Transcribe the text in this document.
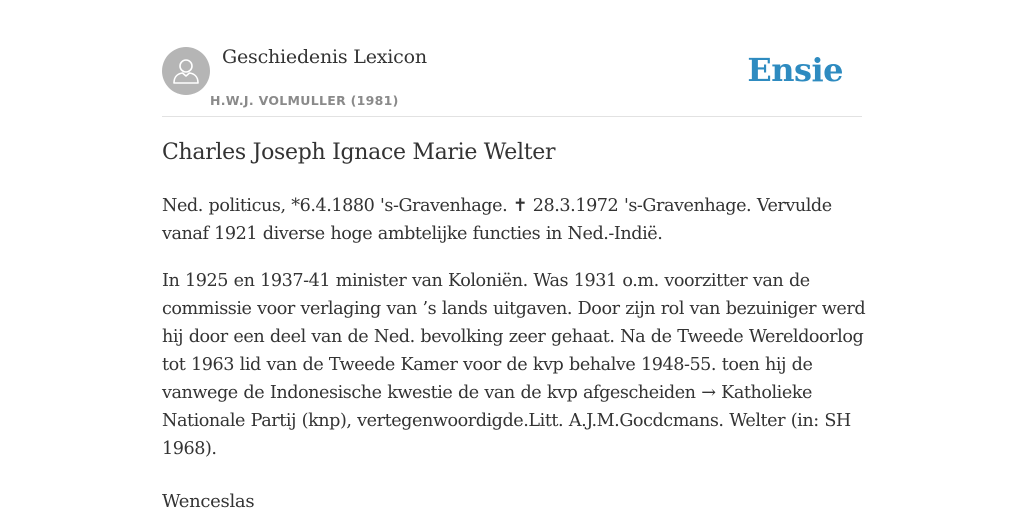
Geschiedenis Lexicon
H.W.J. VOLMULLER (1981)
Ensie
Charles Joseph Ignace Marie Welter

Ned. politicus, *6.4.1880 's-Gravenhage. ✝ 28.3.1972 's-Gravenhage. Vervulde vanaf 1921 diverse hoge ambtelijke functies in Ned.-Indië.

In 1925 en 1937-41 minister van Koloniën. Was 1931 o.m. voorzitter van de commissie voor verlaging van ’s lands uitgaven. Door zijn rol van bezuiniger werd hij door een deel van de Ned. bevolking zeer gehaat. Na de Tweede Wereldoorlog tot 1963 lid van de Tweede Kamer voor de kvp behalve 1948-55. toen hij de vanwege de Indonesische kwestie de van de kvp afgescheiden → Katholieke Nationale Partij (knp), vertegenwoordigde.Litt. A.J.M.Gocdcmans. Welter (in: SH 1968).

Wenceslas
